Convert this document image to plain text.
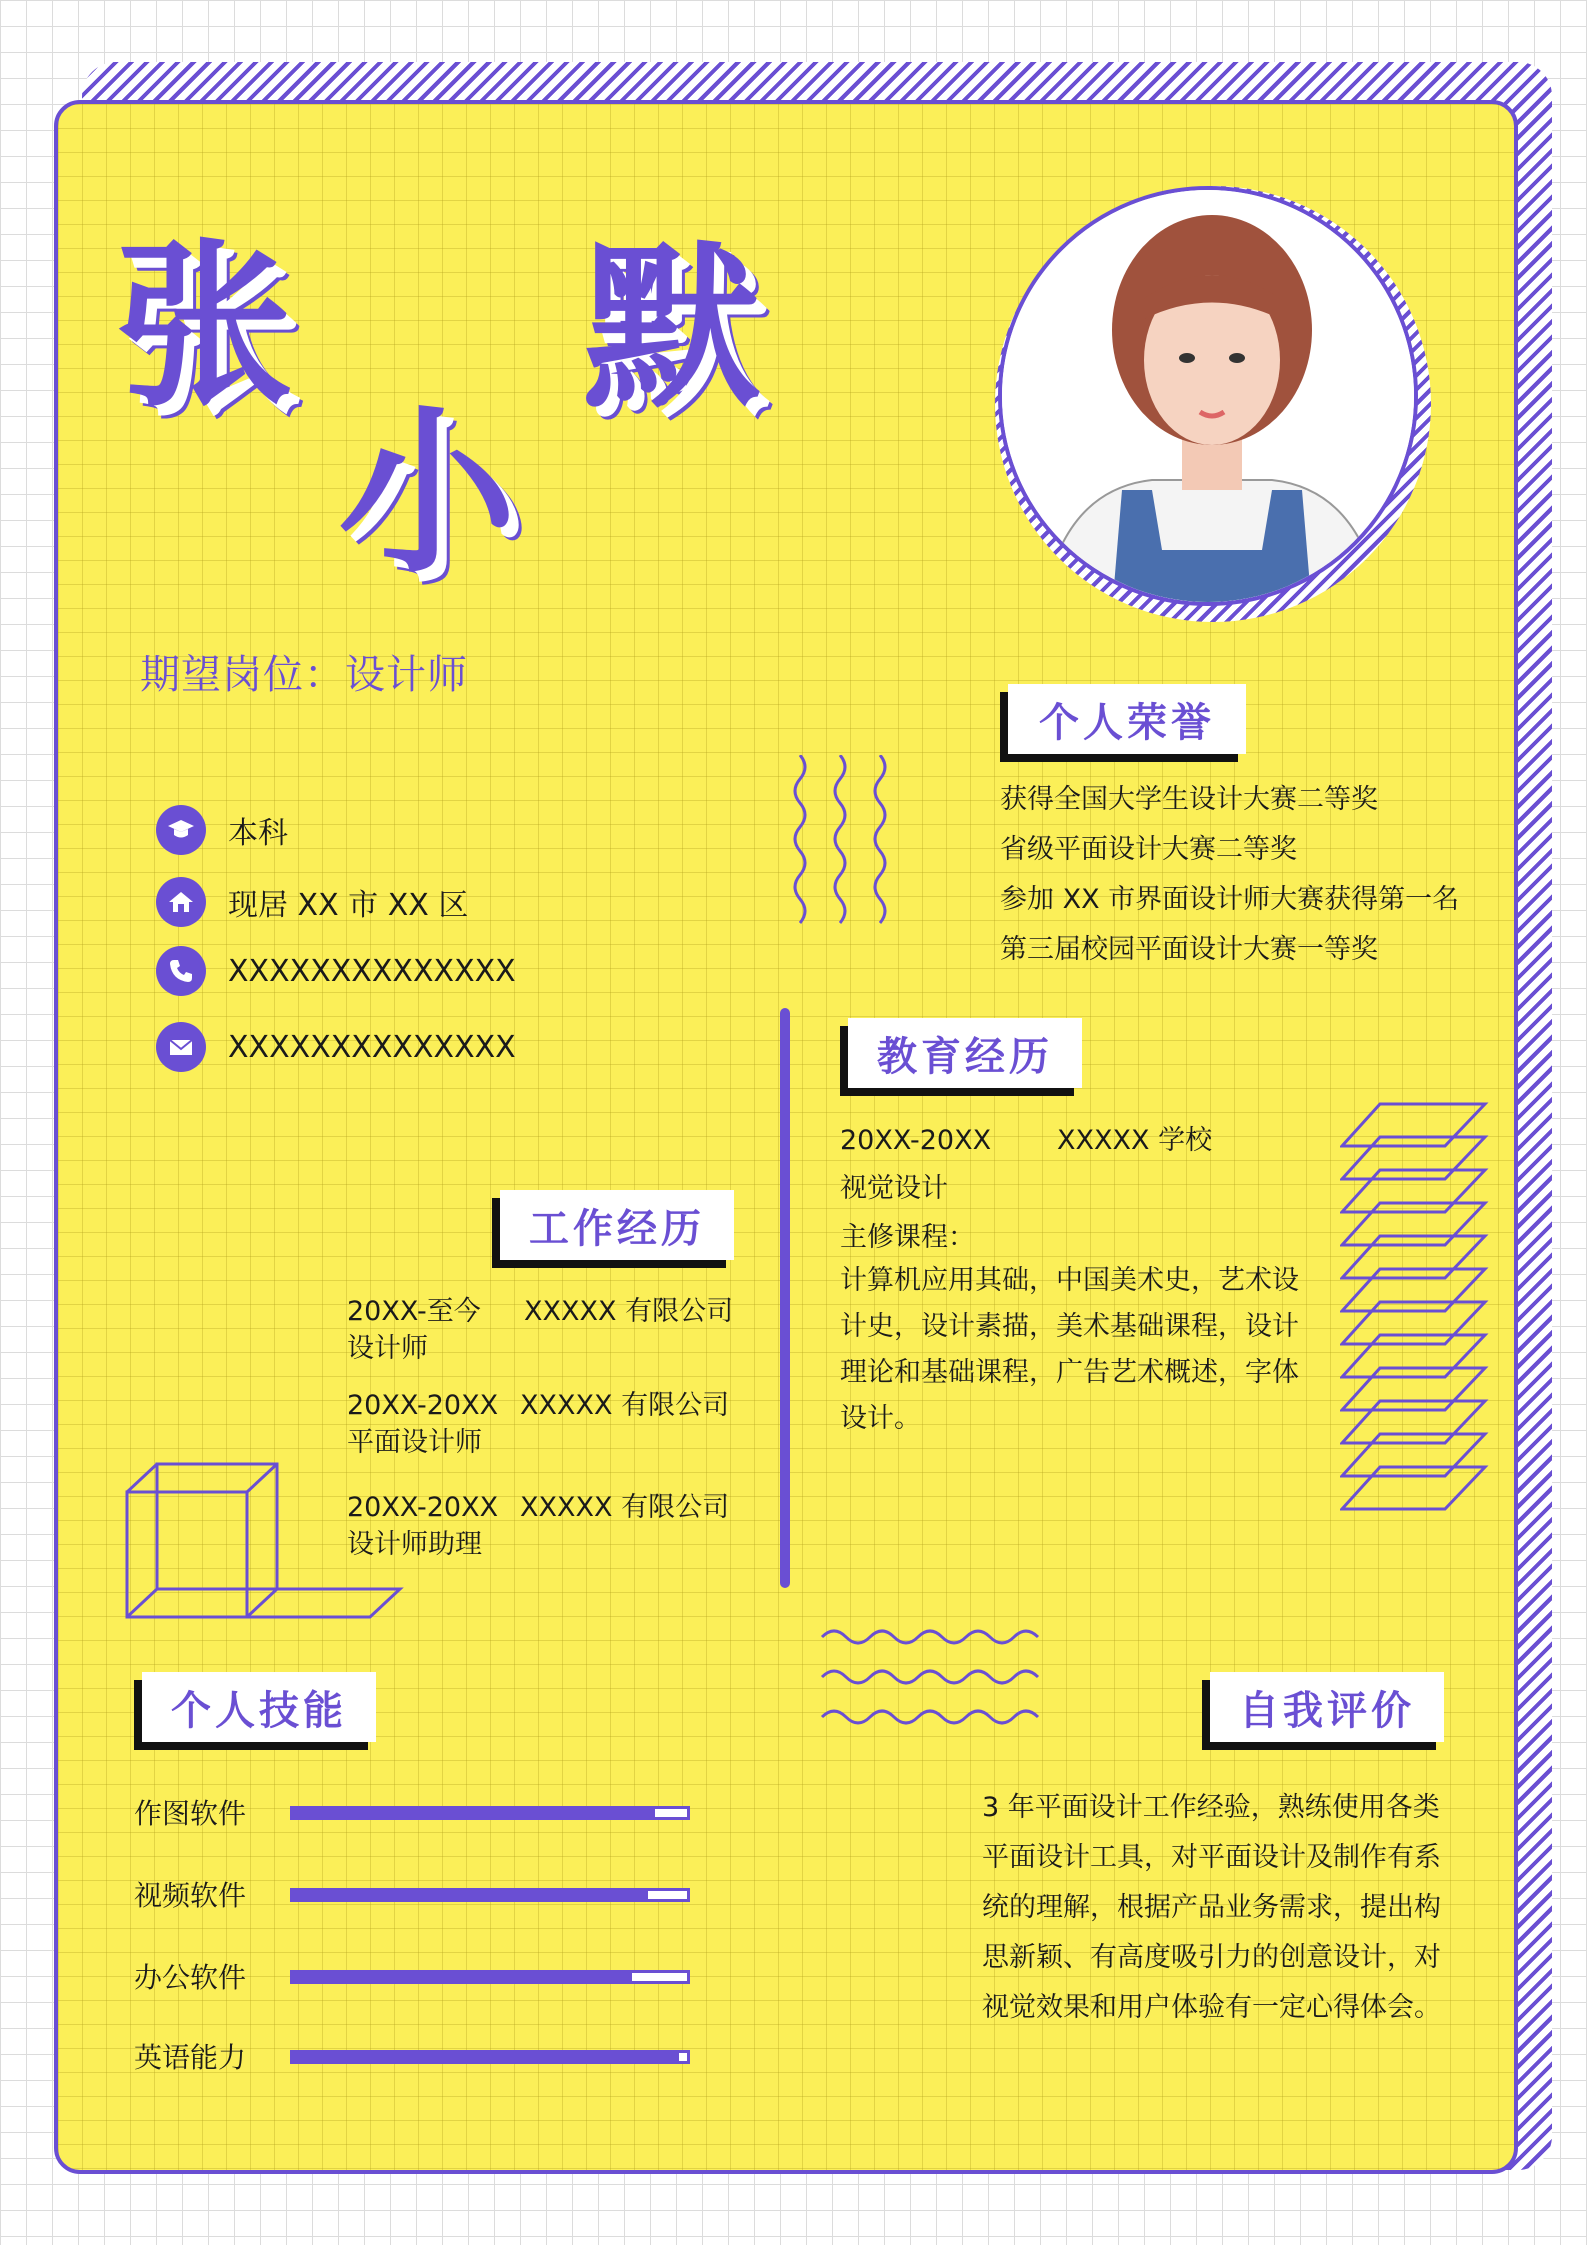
张
小
默
期望岗位：设计师
本科
现居 XX 市 XX 区
XXXXXXXXXXXXXX
XXXXXXXXXXXXXX
个人荣誉
获得全国大学生设计大赛二等奖
省级平面设计大赛二等奖
参加 XX 市界面设计师大赛获得第一名
第三届校园平面设计大赛一等奖
教育经历
20XX-20XX XXXXX 学校
视觉设计
主修课程：
计算机应用其础，中国美术史，艺术设
计史，设计素描，美术基础课程，设计
理论和基础课程，广告艺术概述，字体
设计。
工作经历
20XX-至今 XXXXX 有限公司
设计师
20XX-20XX XXXXX 有限公司
平面设计师
20XX-20XX XXXXX 有限公司
设计师助理
个人技能
作图软件
视频软件
办公软件
英语能力
自我评价
3 年平面设计工作经验，熟练使用各类
平面设计工具，对平面设计及制作有系
统的理解，根据产品业务需求，提出构
思新颖、有高度吸引力的创意设计，对
视觉效果和用户体验有一定心得体会。
